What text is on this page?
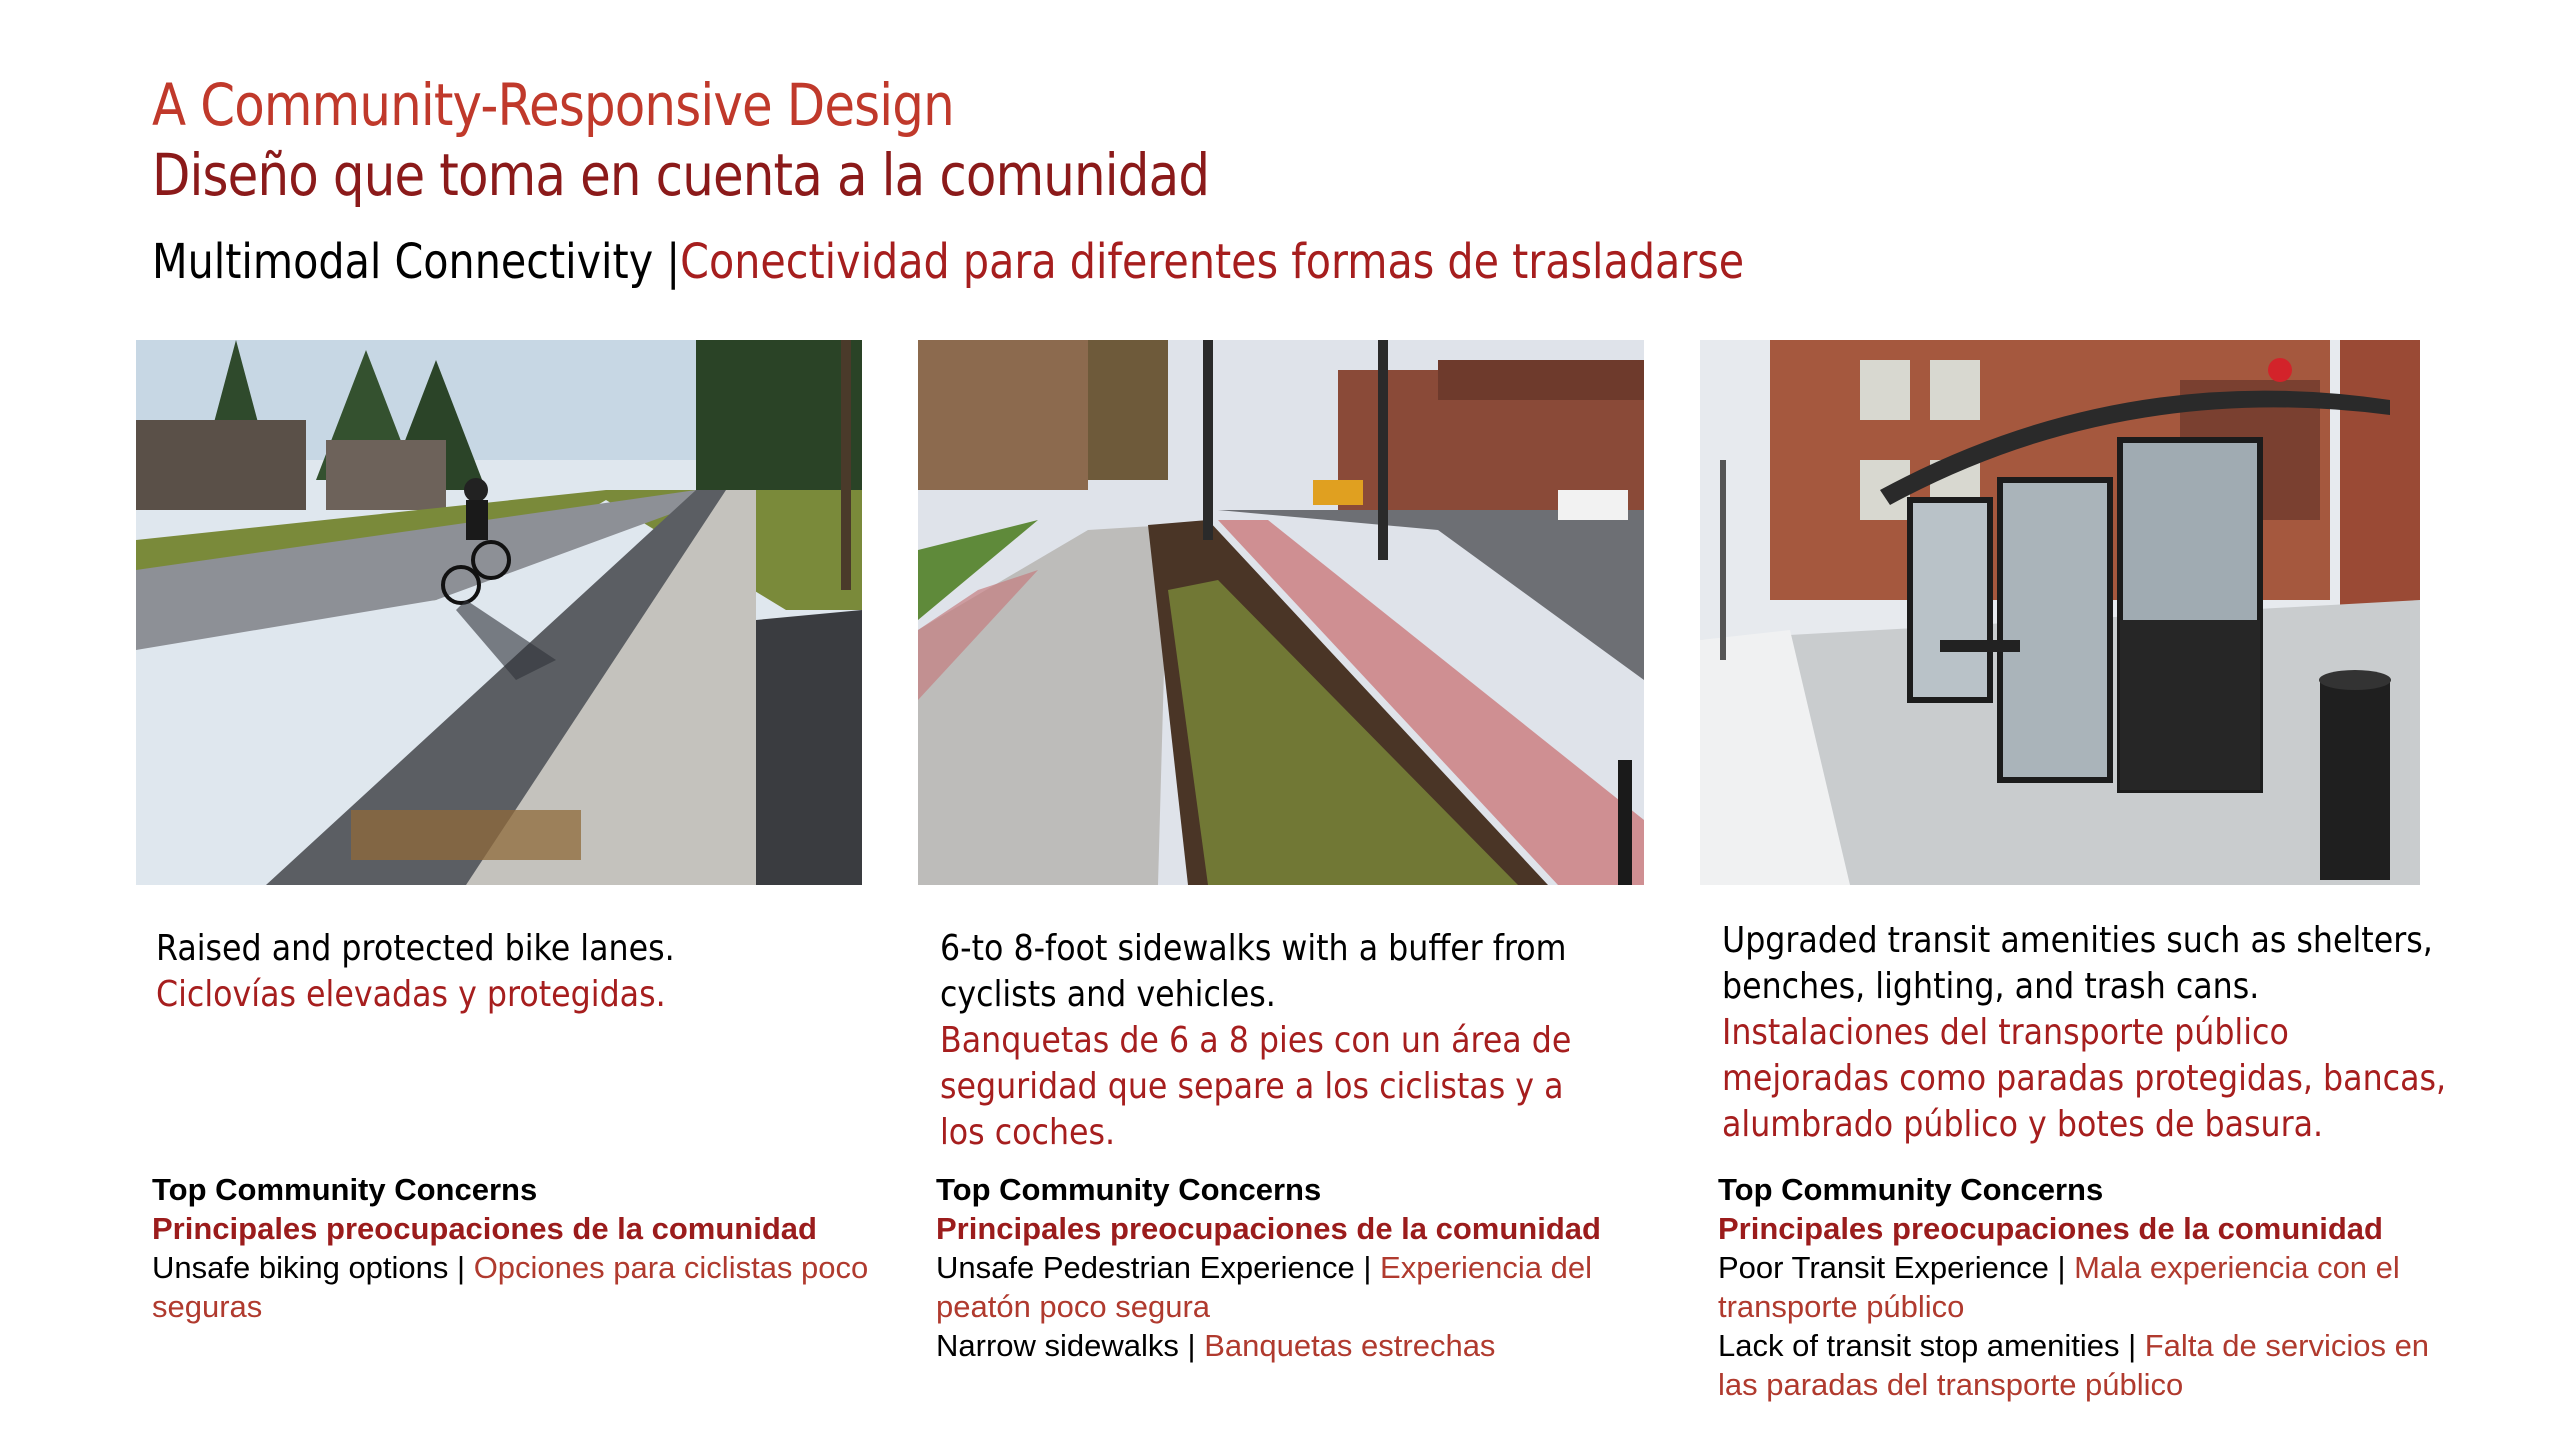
A Community-Responsive Design
Diseño que toma en cuenta a la comunidad
Multimodal Connectivity |Conectividad para diferentes formas de trasladarse
Raised and protected bike lanes.
Ciclovías elevadas y protegidas.
6-to 8-foot sidewalks with a buffer from cyclists and vehicles.
Banquetas de 6 a 8 pies con un área de seguridad que separe a los ciclistas y a los coches.
Upgraded transit amenities such as shelters, benches, lighting, and trash cans.
Instalaciones del transporte público mejoradas como paradas protegidas, bancas, alumbrado público y botes de basura.
Top Community Concerns
Principales preocupaciones de la comunidad
Unsafe biking options | Opciones para ciclistas poco seguras
Top Community Concerns
Principales preocupaciones de la comunidad
Unsafe Pedestrian Experience | Experiencia del peatón poco segura
Narrow sidewalks | Banquetas estrechas
Top Community Concerns
Principales preocupaciones de la comunidad
Poor Transit Experience | Mala experiencia con el transporte público
Lack of transit stop amenities | Falta de servicios en las paradas del transporte público
